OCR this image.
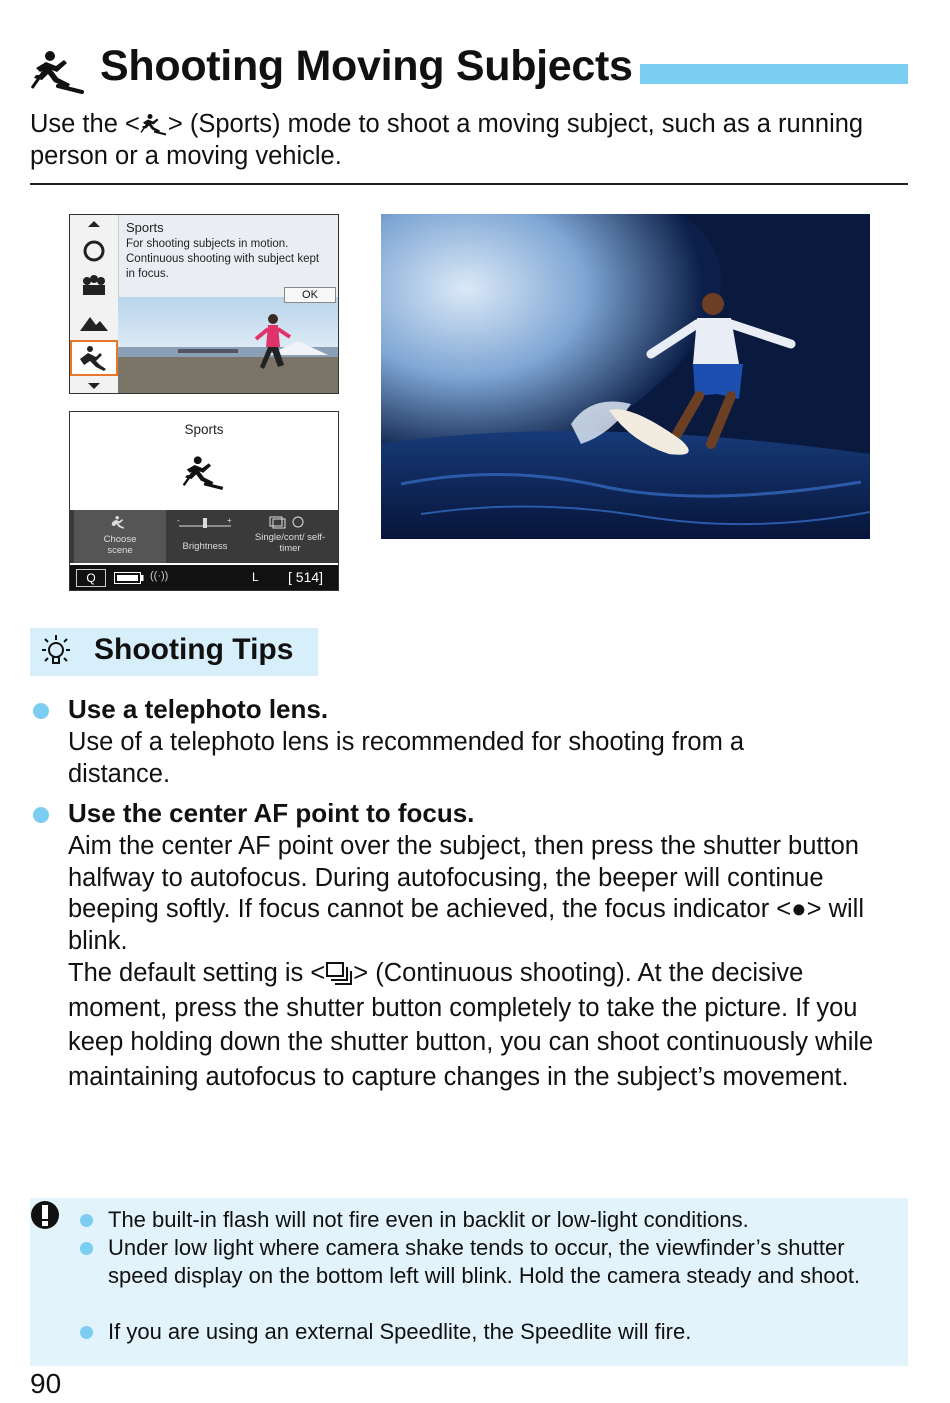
Shooting Moving Subjects
Use the < > (Sports) mode to shoot a moving subject, such as a running person or a moving vehicle.
Sports
For shooting subjects in motion. Continuous shooting with subject kept in focus.
OK
Sports
Choose scene
-	+
Brightness
Single/cont/ self-timer
Q	((·))	L [ 514]
Shooting Tips
Use a telephoto lens.
Use of a telephoto lens is recommended for shooting from a distance.
Use the center AF point to focus.
Aim the center AF point over the subject, then press the shutter button halfway to autofocus. During autofocusing, the beeper will continue beeping softly. If focus cannot be achieved, the focus indicator <●> will blink.
The default setting is < > (Continuous shooting). At the decisive moment, press the shutter button completely to take the picture. If you keep holding down the shutter button, you can shoot continuously while maintaining autofocus to capture changes in the subject’s movement.
The built-in flash will not fire even in backlit or low-light conditions.
Under low light where camera shake tends to occur, the viewfinder’s shutter speed display on the bottom left will blink. Hold the camera steady and shoot.
If you are using an external Speedlite, the Speedlite will fire.
90
